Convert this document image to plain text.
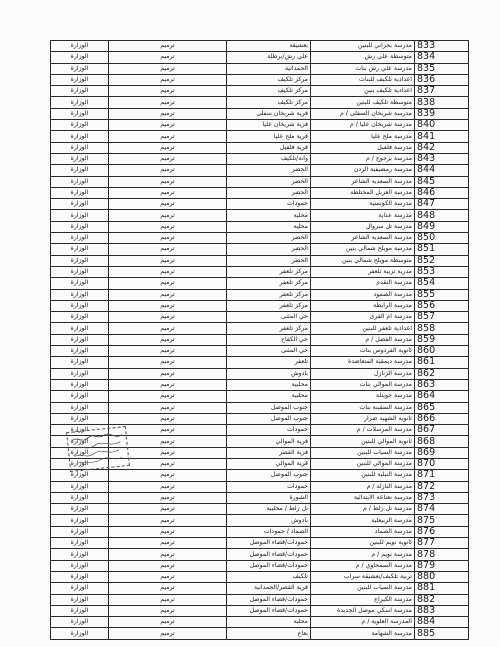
الوزارة	ترميم	بعشيقة	مدرسة بحزاني للبنين	833
الوزارة	ترميم	علي رش/برطلة	متوسطة علي رش	834
الوزارة	ترميم	الحمدانية	مدرسة علي رش بنات	835
الوزارة	ترميم	مركز تلكيف	اعدادية تلكيف للبنات	836
الوزارة	ترميم	مركز تلكيف	اعدادية تلكيف بنين	837
الوزارة	ترميم	مركز تلكيف	متوسطة تلكيف للبنين	838
الوزارة	ترميم	قرية شريخان سفلى	مدرسة شريخان السفلى / م	839
الوزارة	ترميم	قرية شريخان عليا	مدرسة شريخان عليا / م	840
الوزارة	ترميم	قرية ملح عليا	مدرسة ملح عليا	841
الوزارة	ترميم	قرية فلفيل	مدرسة فلفيل	842
الوزارة	ترميم	وانة/تلكيف	مدرسة برجوج / م	843
الوزارة	ترميم	الحضر	مدرسة رمضيفية الردن	844
الوزارة	ترميم	الحضر	مدرسة السعدية الشاعر	845
الوزارة	ترميم	الحضر	مدرسة الغزيل المختلطة	846
الوزارة	ترميم	حمودات	مدرسة الكونسية	847
الوزارة	ترميم	محلية	مدرسة عداية	848
الوزارة	ترميم	محلية	مدرسة تل سروال	849
الوزارة	ترميم	الحضر	مدرسة السعدية الشاعر	850
الوزارة	ترميم	الحضر	مدرسة مويلح شمالي بنين	851
الوزارة	ترميم	الحضر	متوسطة مويلح شمالي بنين	852
الوزارة	ترميم	مركز تلعفر	مدرية تربية تلعفر	853
الوزارة	ترميم	مركز تلعفر	مدرسة التقدم	854
الوزارة	ترميم	مركز تلعفر	مدرسة الصمود	855
الوزارة	ترميم	مركز تلعفر	مدرسة الرابطة	856
الوزارة	ترميم	حي المثنى	مدرسة ام القرى	857
الوزارة	ترميم	مركز تلعفر	اعدادية تلعفر للبنين	858
الوزارة	ترميم	حي الكفاح	مدرسة الفضل / م	859
الوزارة	ترميم	حي المثنى	ثانوية الفردوس بنات	860
الوزارة	ترميم	تلعفر	مدرسة ديمقية المتعاضدة	861
الوزارة	ترميم	بادوش	مدرسة الزنازل	862
الوزارة	ترميم	محلبية	مدرسة الموالي بنات	863
الوزارة	ترميم	محلبية	مدرسة خويتلة	864
الوزارة	ترميم	جنوب الموصل	مدرسة السقينة بنات	865
الوزارة	ترميم	جنوب الموصل	ثانوية الشهيد ضرار	866
الوزارة	ترميم	حمودات	مدرسة المرسلات / م	867
الوزارة	ترميم	قرية الموالي	ثانوية الموالي للبنين	868
الوزارة	ترميم	قرية القصر	مدرسة السياب للبنين	869
الوزارة	ترميم	قرية الموالي	مدرسة الموالي للبنين	870
الوزارة	ترميم	جنوب الموصل	مدرسة النيلية للبنين	871
الوزارة	ترميم	حمودات	مدرسة النازلة / م	872
الوزارة	ترميم	الشورة	مدرسة نعناعة الابتدائية	873
الوزارة	ترميم	تل زلط / محلبية	مدرسة تل زلط / م	874
الوزارة	ترميم	بادوش	مدرسة الربيعلية	875
الوزارة	ترميم	الصماد / حمودات	مدرسة الصماد	876
الوزارة	ترميم	حمودات/قضاء الموصل	ثانوية نويم للبنين	877
الوزارة	ترميم	حمودات/قضاء الموصل	مدرسة نويم / م	878
الوزارة	ترميم	حمودات/قضاء الموصل	مدرسة السمحاوي / م	879
الوزارة	ترميم	تلكيف	تربية تلكيف/بعشيقة سراب	880
الوزارة	ترميم	قرية القصر/الحمدانية	مدرسة السياب للبنين	881
الوزارة	ترميم	حمودات/قضاء الموصل	مدرسة الكبراج	882
الوزارة	ترميم	حمودات/قضاء الموصل	مدرسة اسكي موصل الجديدة	883
الوزارة	ترميم	محلية	المدرسة العلوية / م	884
الوزارة	ترميم	بعاج	مدرسة الشهامة	885
